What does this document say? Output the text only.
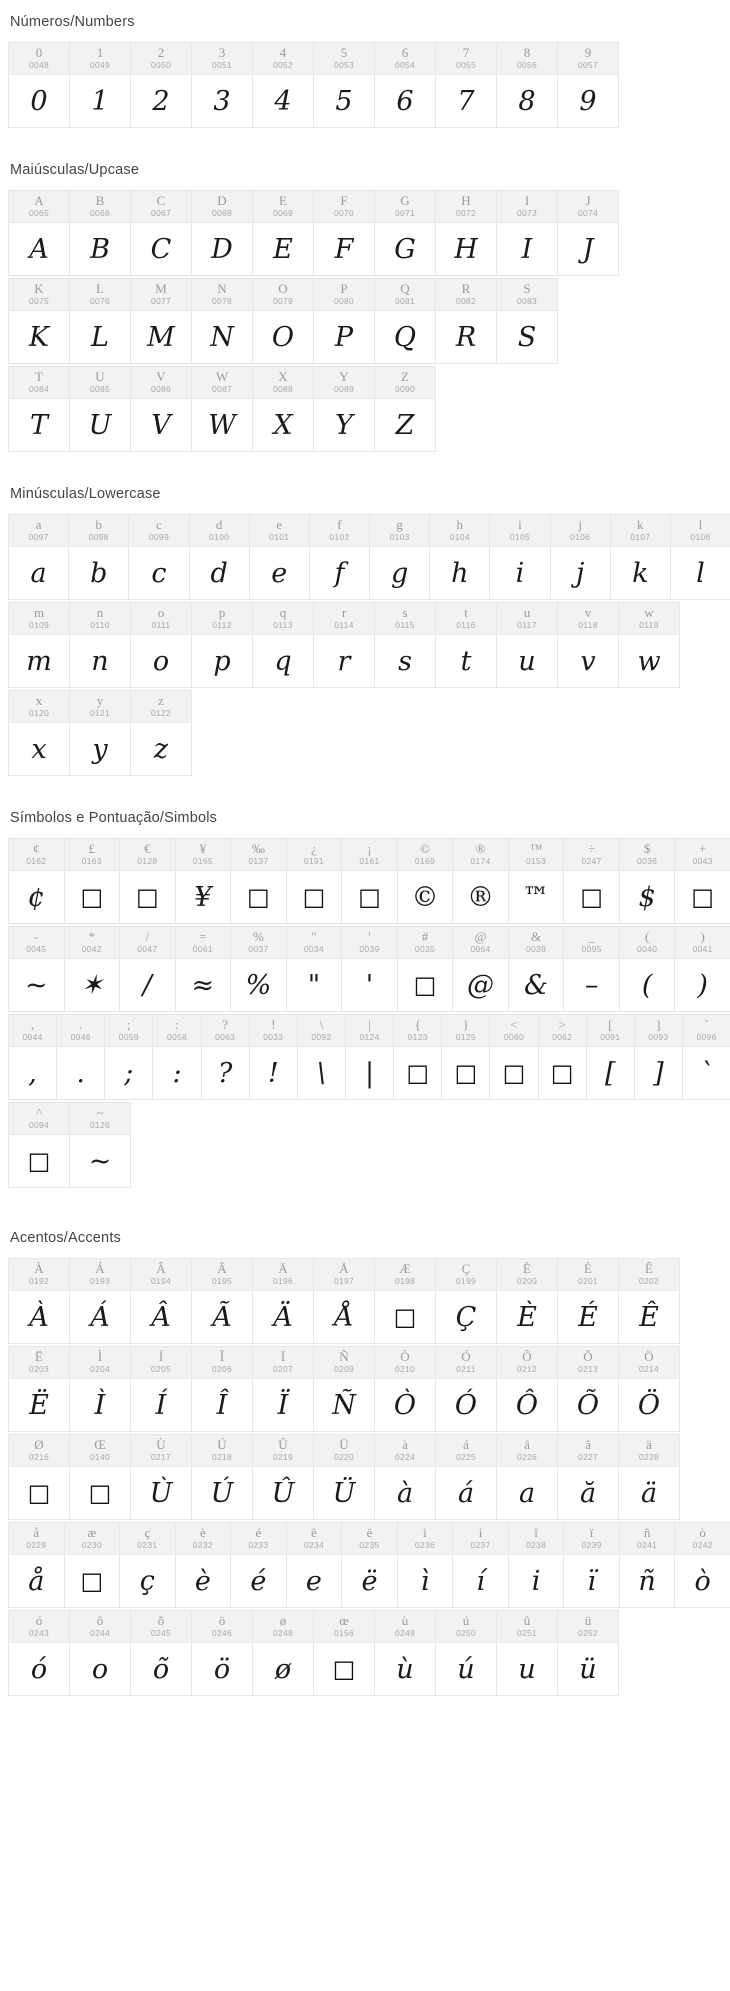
Números/Numbers
0
0048
0
1
0049
1
2
0050
2
3
0051
3
4
0052
4
5
0053
5
6
0054
6
7
0055
7
8
0056
8
9
0057
9
Maiúsculas/Upcase
A
0065
A
B
0066
B
C
0067
C
D
0068
D
E
0069
E
F
0070
F
G
0071
G
H
0072
H
I
0073
I
J
0074
J
K
0075
K
L
0076
L
M
0077
M
N
0078
N
O
0079
O
P
0080
P
Q
0081
Q
R
0082
R
S
0083
S
T
0084
T
U
0085
U
V
0086
V
W
0087
W
X
0088
X
Y
0089
Y
Z
0090
Z
Minúsculas/Lowercase
a
0097
a
b
0098
b
c
0099
c
d
0100
d
e
0101
e
f
0102
f
g
0103
g
h
0104
h
i
0105
i
j
0106
j
k
0107
k
l
0108
l
m
0109
m
n
0110
n
o
0111
o
p
0112
p
q
0113
q
r
0114
r
s
0115
s
t
0116
t
u
0117
u
v
0118
v
w
0119
w
x
0120
x
y
0121
y
z
0122
z
Símbolos e Pontuação/Simbols
¢
0162
¢
£
0163
□
€
0128
□
¥
0165
¥
‰
0137
□
¿
0191
□
¡
0161
□
©
0169
©
®
0174
®
™
0153
™
÷
0247
□
$
0036
$
+
0043
□
-
0045
~
*
0042
✶
/
0047
/
=
0061
≈
%
0037
%
"
0034
"
'
0039
'
#
0035
□
@
0064
@
&
0038
&
_
0095
–
(
0040
(
)
0041
)
,
0044
,
.
0046
.
;
0059
;
:
0058
:
?
0063
?
!
0033
!
\
0092
\
|
0124
|
{
0123
□
}
0125
□
<
0060
□
>
0062
□
[
0091
[
]
0093
]
`
0096
`
^
0094
□
~
0126
~
Acentos/Accents
À
0192
À
Á
0193
Á
Â
0194
Â
Ã
0195
Ã
Ä
0196
Ä
Å
0197
Å
Æ
0198
□
Ç
0199
Ç
È
0200
È
É
0201
É
Ê
0202
Ê
Ë
0203
Ë
Ì
0204
Ì
Í
0205
Í
Î
0206
Î
Ï
0207
Ï
Ñ
0209
Ñ
Ò
0210
Ò
Ó
0211
Ó
Ô
0212
Ô
Õ
0213
Õ
Ö
0214
Ö
Ø
0216
□
Œ
0140
□
Ù
0217
Ù
Ú
0218
Ú
Û
0219
Û
Ü
0220
Ü
à
0224
à
á
0225
á
â
0226
a
ã
0227
ă
ä
0228
ä
å
0229
å
æ
0230
□
ç
0231
ç
è
0232
è
é
0233
é
ê
0234
e
ë
0235
ë
ì
0236
ì
í
0237
í
î
0238
i
ï
0239
ï
ñ
0241
ñ
ò
0242
ò
ó
0243
ó
ô
0244
o
õ
0245
õ
ö
0246
ö
ø
0248
ø
œ
0156
□
ù
0249
ù
ú
0250
ú
û
0251
u
ü
0252
ü
